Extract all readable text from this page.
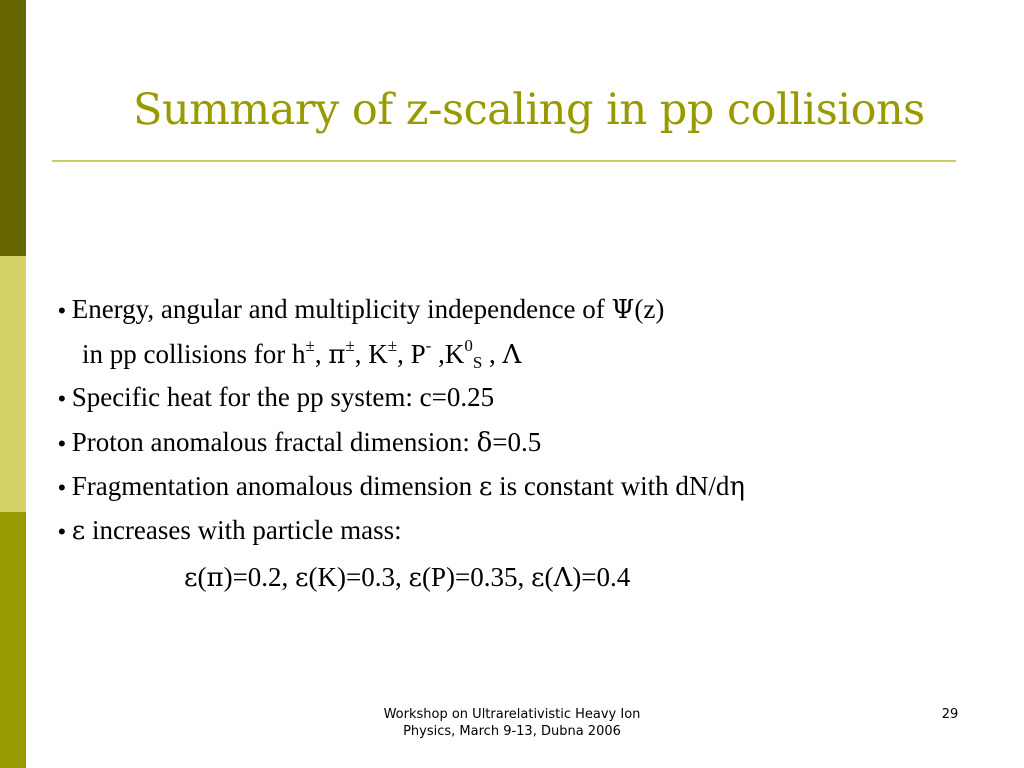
Summary of z-scaling in pp collisions
• Energy, angular and multiplicity independence of Ψ(z)
in pp collisions for h±, π±, K±, P- $,K^0_S$ , Λ
• Specific heat for the pp system: c=0.25
• Proton anomalous fractal dimension: δ=0.5
• Fragmentation anomalous dimension ε is constant with dN/dη
• ε increases with particle mass:
ε(π)=0.2, ε(K)=0.3, ε(P)=0.35, ε(Λ)=0.4
Workshop on Ultrarelativistic Heavy Ion
Physics, March 9-13, Dubna 2006
29
